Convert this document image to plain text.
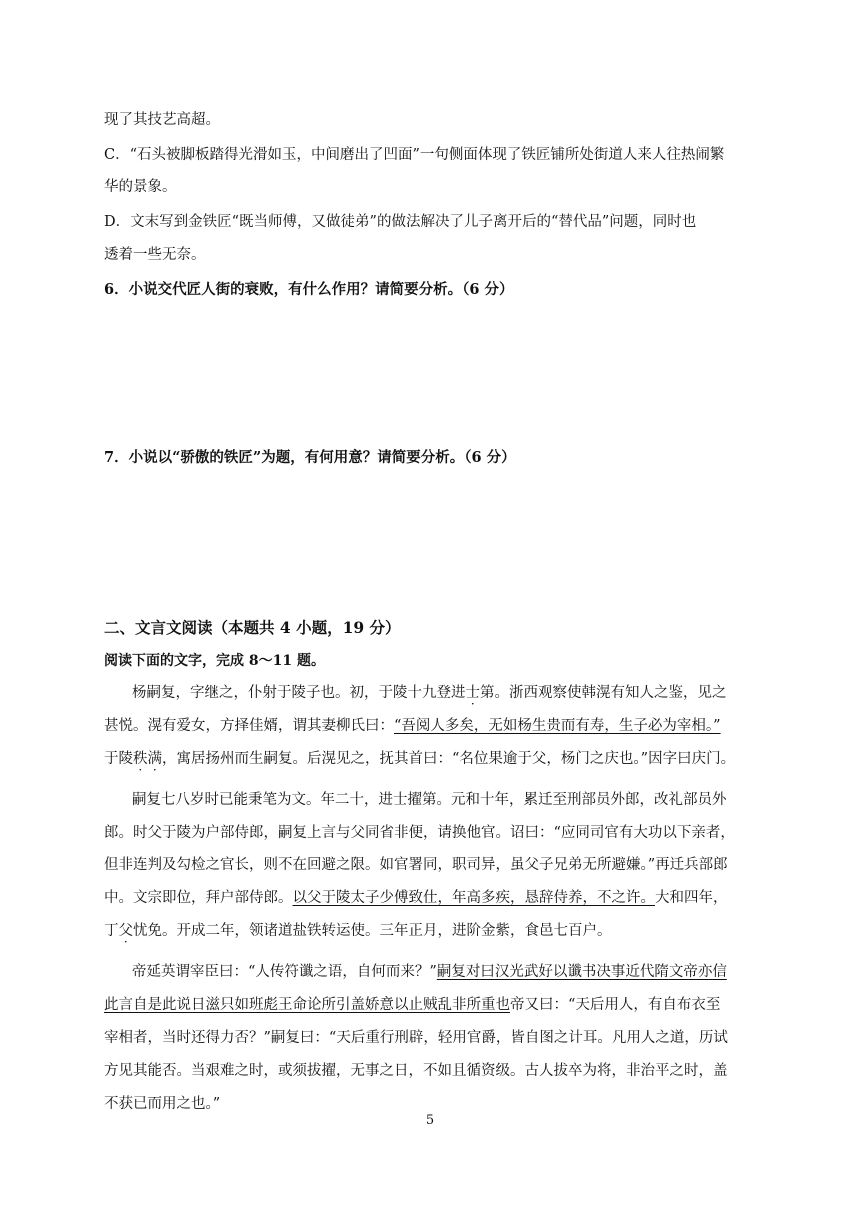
现了其技艺高超。
C．“石头被脚板踏得光滑如玉，中间磨出了凹面”一句侧面体现了铁匠铺所处街道人来人往热闹繁
华的景象。
D．文末写到金铁匠“既当师傅，又做徒弟”的做法解决了儿子离开后的“替代品”问题，同时也
透着一些无奈。
6．小说交代匠人街的衰败，有什么作用？请简要分析。（6 分）
7．小说以“骄傲的铁匠”为题，有何用意？请简要分析。（6 分）
二、文言文阅读（本题共 4 小题，19 分）
阅读下面的文字，完成 8～11 题。
杨嗣复，字继之，仆射于陵子也。初，于陵十九登进士第。浙西观察使韩滉有知人之鉴，见之
甚悦。滉有爱女，方择佳婿，谓其妻柳氏曰：“吾阅人多矣，无如杨生贵而有寿，生子必为宰相。”
于陵秩满，寓居扬州而生嗣复。后滉见之，抚其首曰：“名位果逾于父，杨门之庆也。”因字曰庆门。
嗣复七八岁时已能秉笔为文。年二十，进士擢第。元和十年，累迁至刑部员外郎，改礼部员外
郎。时父于陵为户部侍郎，嗣复上言与父同省非便，请换他官。诏曰：“应同司官有大功以下亲者，
但非连判及勾检之官长，则不在回避之限。如官署同，职司异，虽父子兄弟无所避嫌。”再迁兵部郎
中。文宗即位，拜户部侍郎。以父于陵太子少傅致仕，年高多疾，恳辞侍养，不之许。大和四年，
丁父忧免。开成二年，领诸道盐铁转运使。三年正月，进阶金紫，食邑七百户。
帝延英谓宰臣曰：“人传符谶之语，自何而来？”嗣复对曰汉光武好以谶书决事近代隋文帝亦信
此言自是此说日滋只如班彪王命论所引盖娇意以止贼乱非所重也帝又曰：“天后用人，有自布衣至
宰相者，当时还得力否？”嗣复曰：“天后重行刑辟，轻用官爵，皆自图之计耳。凡用人之道，历试
方见其能否。当艰难之时，或须拔擢，无事之日，不如且循资级。古人拔卒为将，非治平之时，盖
不获已而用之也。”
5
